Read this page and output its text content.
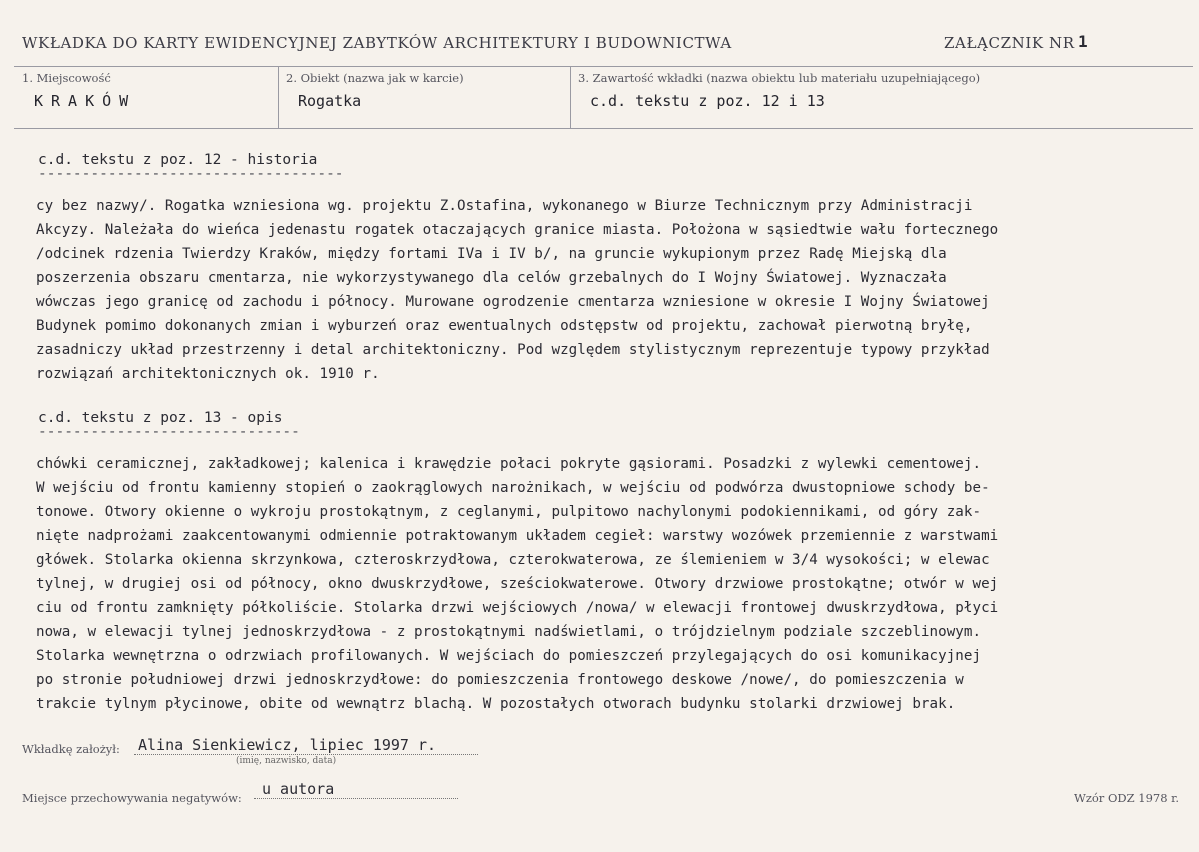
WKŁADKA DO KARTY EWIDENCYJNEJ ZABYTKÓW ARCHITEKTURY I BUDOWNICTWA	ZAŁĄCZNIK NR 1
1. Miejscowość
KRAKÓW
2. Obiekt (nazwa jak w karcie)
Rogatka
3. Zawartość wkładki (nazwa obiektu lub materiału uzupełniającego)
c.d. tekstu z poz. 12 i 13
c.d. tekstu z poz. 12 - historia
-----------------------------------
cy bez nazwy/. Rogatka wzniesiona wg. projektu Z.Ostafina, wykonanego w Biurze Technicznym przy Administracji
Akcyzy. Należała do wieńca jedenastu rogatek otaczających granice miasta. Położona w sąsiedtwie wału fortecznego
/odcinek rdzenia Twierdzy Kraków, między fortami IVa i IV b/, na gruncie wykupionym przez Radę Miejską dla
poszerzenia obszaru cmentarza, nie wykorzystywanego dla celów grzebalnych do I Wojny Światowej. Wyznaczała
wówczas jego granicę od zachodu i północy. Murowane ogrodzenie cmentarza wzniesione w okresie I Wojny Światowej
Budynek pomimo dokonanych zmian i wyburzeń oraz ewentualnych odstępstw od projektu, zachował pierwotną bryłę,
zasadniczy układ przestrzenny i detal architektoniczny. Pod względem stylistycznym reprezentuje typowy przykład
rozwiązań architektonicznych ok. 1910 r.
c.d. tekstu z poz. 13 - opis
------------------------------
chówki ceramicznej, zakładkowej; kalenica i krawędzie połaci pokryte gąsiorami. Posadzki z wylewki cementowej.
W wejściu od frontu kamienny stopień o zaokrąglowych narożnikach, w wejściu od podwórza dwustopniowe schody be-
tonowe. Otwory okienne o wykroju prostokątnym, z ceglanymi, pulpitowo nachylonymi podokiennikami, od góry zak-
nięte nadprożami zaakcentowanymi odmiennie potraktowanym układem cegieł: warstwy wozówek przemiennie z warstwami
główek. Stolarka okienna skrzynkowa, czteroskrzydłowa, czterokwaterowa, ze ślemieniem w 3/4 wysokości; w elewac
tylnej, w drugiej osi od północy, okno dwuskrzydłowe, sześciokwaterowe. Otwory drzwiowe prostokątne; otwór w wej
ciu od frontu zamknięty półkoliście. Stolarka drzwi wejściowych /nowa/ w elewacji frontowej dwuskrzydłowa, płyci
nowa, w elewacji tylnej jednoskrzydłowa - z prostokątnymi nadświetlami, o trójdzielnym podziale szczeblinowym.
Stolarka wewnętrzna o odrzwiach profilowanych. W wejściach do pomieszczeń przylegających do osi komunikacyjnej
po stronie południowej drzwi jednoskrzydłowe: do pomieszczenia frontowego deskowe /nowe/, do pomieszczenia w
trakcie tylnym płycinowe, obite od wewnątrz blachą. W pozostałych otworach budynku stolarki drzwiowej brak.
Wkładkę założył: Alina Sienkiewicz, lipiec 1997 r.
(imię, nazwisko, data)
Miejsce przechowywania negatywów: u autora	Wzór ODZ 1978 r.
